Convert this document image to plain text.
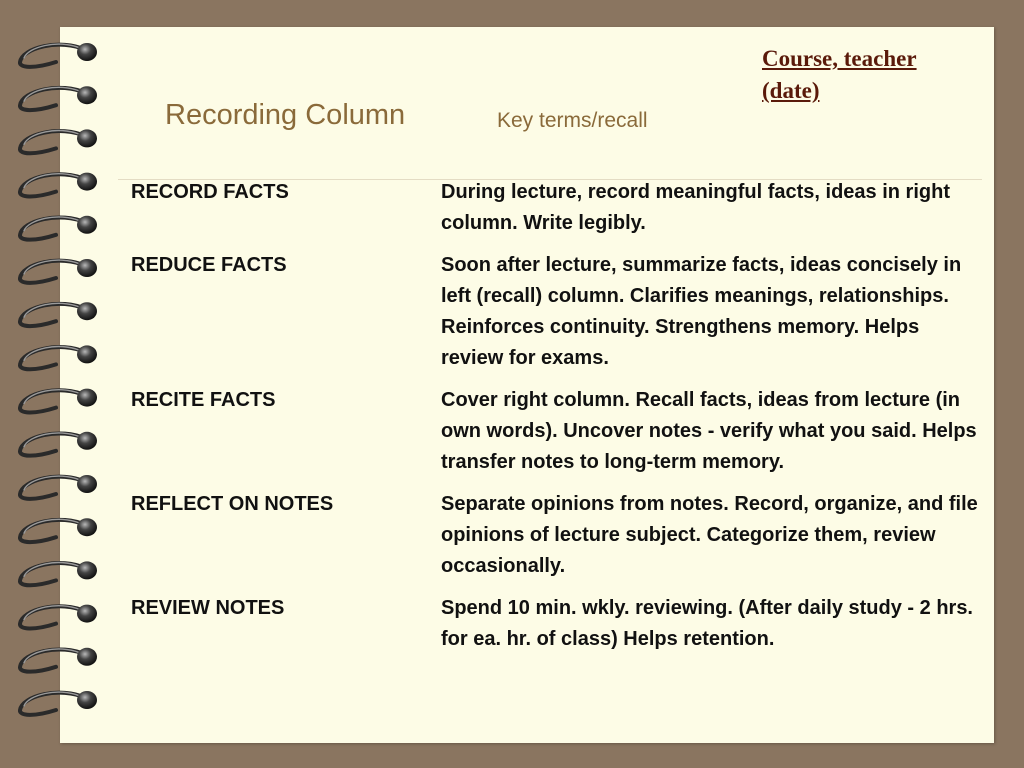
Course, teacher
(date)
Recording Column	Key terms/recall
RECORD FACTS	During lecture, record meaningful facts, ideas in right column. Write legibly.
REDUCE FACTS	Soon after lecture, summarize facts, ideas concisely in left (recall) column. Clarifies meanings, relationships. Reinforces continuity. Strengthens memory. Helps review for exams.
RECITE FACTS	Cover right column. Recall facts, ideas from lecture (in own words). Uncover notes - verify what you said. Helps transfer notes to long-term memory.
REFLECT ON NOTES	Separate opinions from notes. Record, organize, and file opinions of lecture subject. Categorize them, review occasionally.
REVIEW NOTES	Spend 10 min. wkly. reviewing. (After daily study - 2 hrs. for ea. hr. of class) Helps retention.
